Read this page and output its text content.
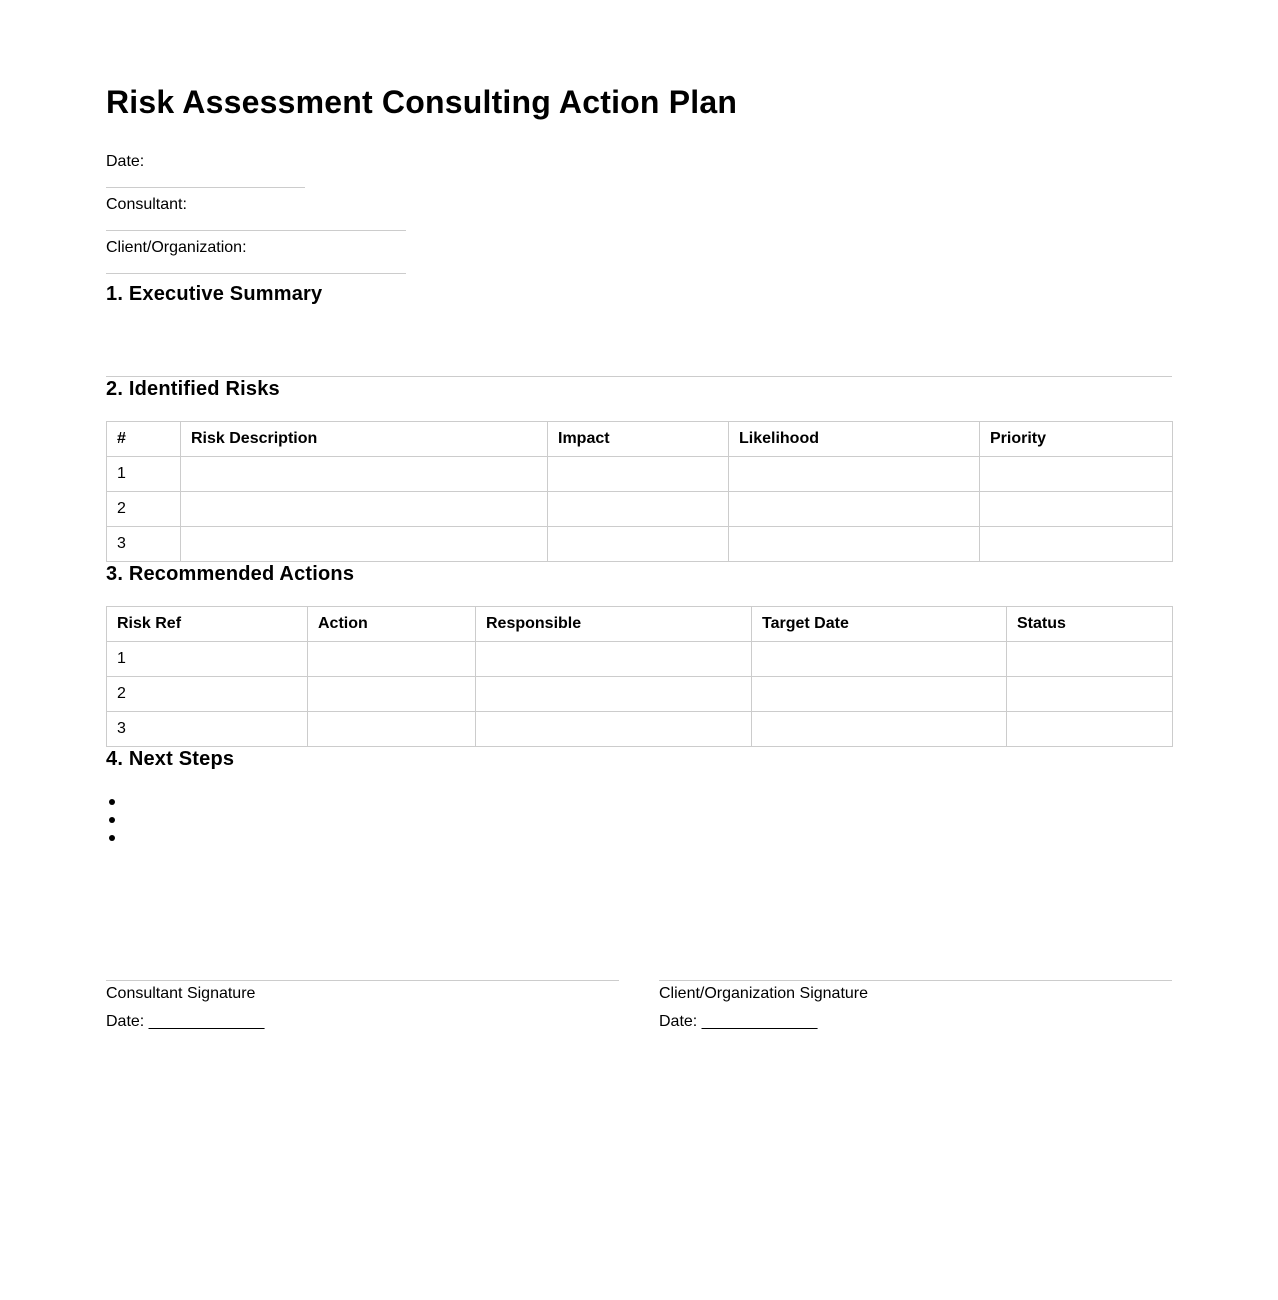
Risk Assessment Consulting Action Plan
Date:
Consultant:
Client/Organization:
1. Executive Summary
2. Identified Risks
#	Risk Description	Impact	Likelihood	Priority
1				
2				
3				
3. Recommended Actions
Risk Ref	Action	Responsible	Target Date	Status
1				
2				
3				
4. Next Steps
Consultant Signature
Date: _____________
Client/Organization Signature
Date: _____________
